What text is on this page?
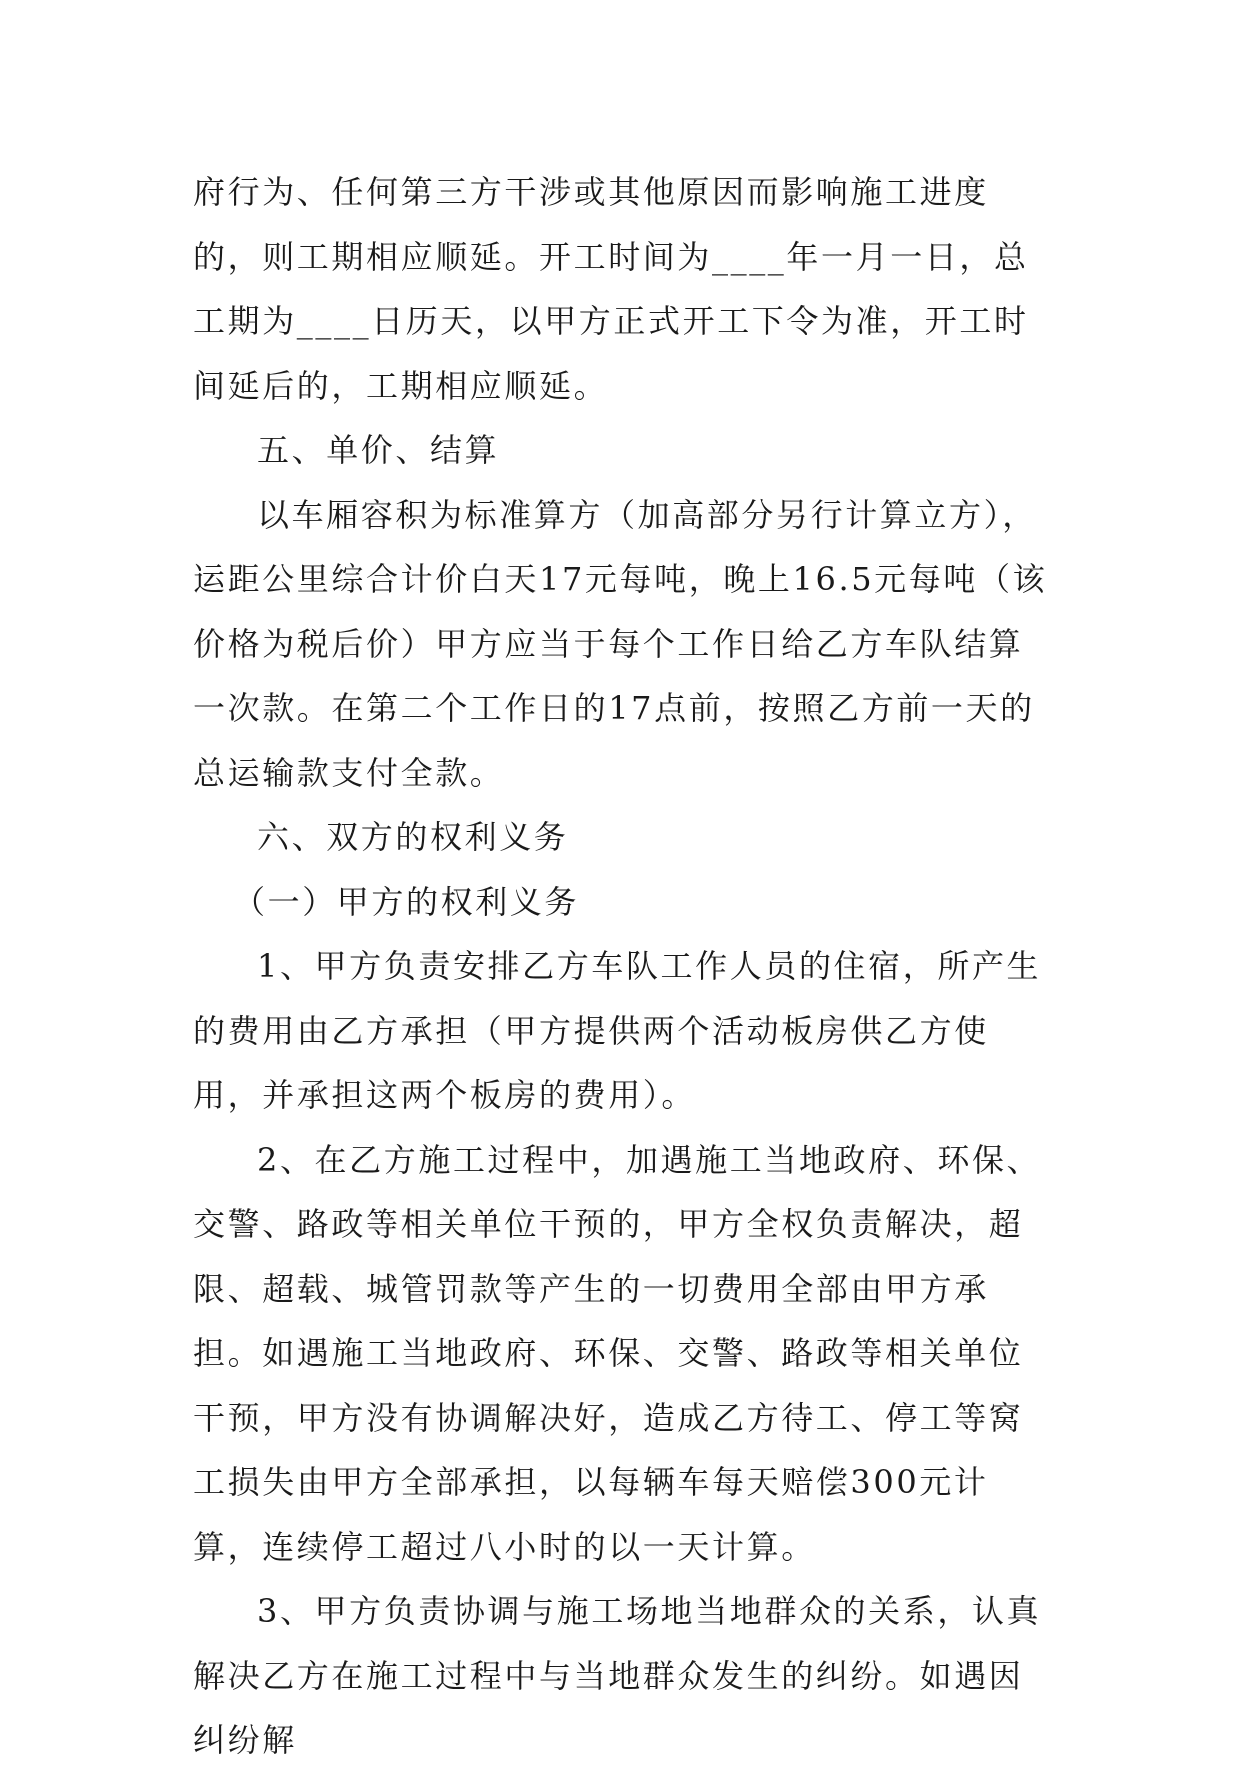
府行为、任何第三方干涉或其他原因而影响施工进度的，则工期相应顺延。开工时间为____年一月一日，总工期为____日历天，以甲方正式开工下令为准，开工时间延后的，工期相应顺延。

五、单价、结算

以车厢容积为标准算方（加高部分另行计算立方），运距公里综合计价白天17元每吨，晚上16.5元每吨（该价格为税后价）甲方应当于每个工作日给乙方车队结算一次款。在第二个工作日的17点前，按照乙方前一天的总运输款支付全款。

六、双方的权利义务

（一）甲方的权利义务

1、甲方负责安排乙方车队工作人员的住宿，所产生的费用由乙方承担（甲方提供两个活动板房供乙方使用，并承担这两个板房的费用）。

2、在乙方施工过程中，加遇施工当地政府、环保、交警、路政等相关单位干预的，甲方全权负责解决，超限、超载、城管罚款等产生的一切费用全部由甲方承担。如遇施工当地政府、环保、交警、路政等相关单位干预，甲方没有协调解决好，造成乙方待工、停工等窝工损失由甲方全部承担，以每辆车每天赔偿300元计算，连续停工超过八小时的以一天计算。

3、甲方负责协调与施工场地当地群众的关系，认真解决乙方在施工过程中与当地群众发生的纠纷。如遇因纠纷解
